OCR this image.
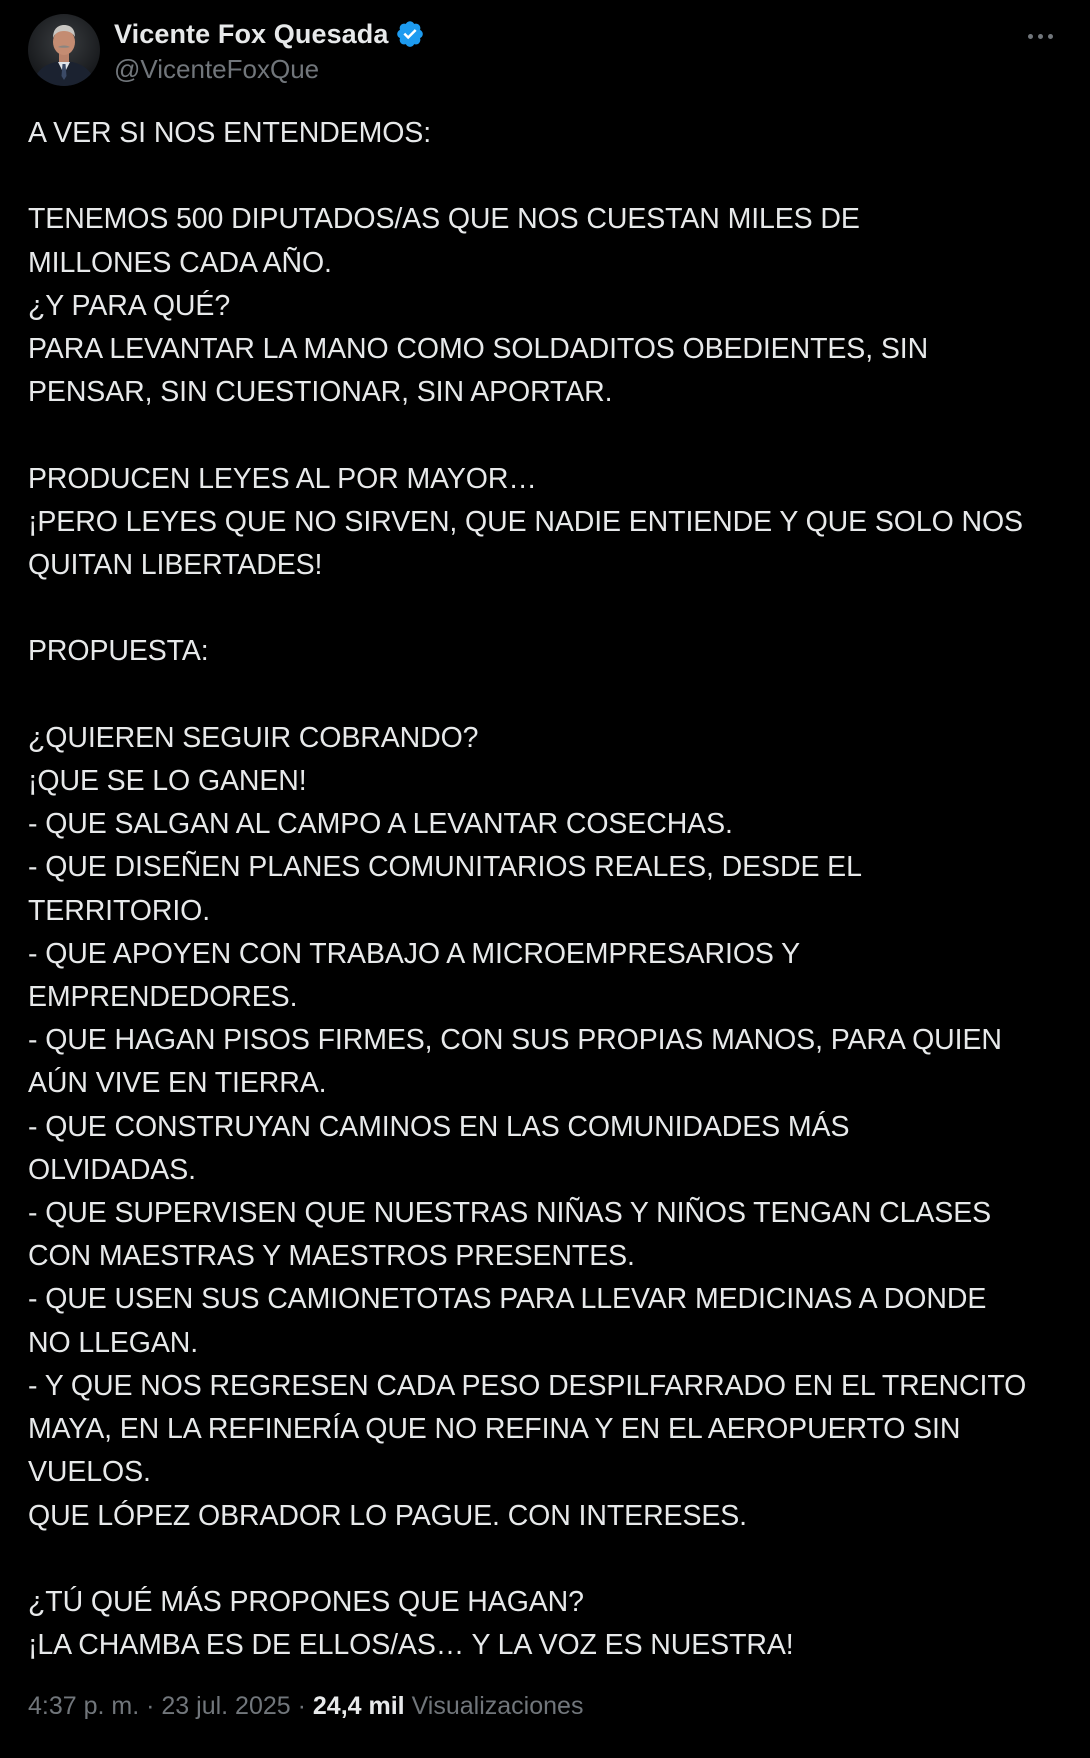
Vicente Fox Quesada
@VicenteFoxQue
A VER SI NOS ENTENDEMOS:

TENEMOS 500 DIPUTADOS/AS QUE NOS CUESTAN MILES DE
MILLONES CADA AÑO.
¿Y PARA QUÉ?
PARA LEVANTAR LA MANO COMO SOLDADITOS OBEDIENTES, SIN
PENSAR, SIN CUESTIONAR, SIN APORTAR.

PRODUCEN LEYES AL POR MAYOR…
¡PERO LEYES QUE NO SIRVEN, QUE NADIE ENTIENDE Y QUE SOLO NOS
QUITAN LIBERTADES!

PROPUESTA:

¿QUIEREN SEGUIR COBRANDO?
¡QUE SE LO GANEN!
- QUE SALGAN AL CAMPO A LEVANTAR COSECHAS.
- QUE DISEÑEN PLANES COMUNITARIOS REALES, DESDE EL
TERRITORIO.
- QUE APOYEN CON TRABAJO A MICROEMPRESARIOS Y
EMPRENDEDORES.
- QUE HAGAN PISOS FIRMES, CON SUS PROPIAS MANOS, PARA QUIEN
AÚN VIVE EN TIERRA.
- QUE CONSTRUYAN CAMINOS EN LAS COMUNIDADES MÁS
OLVIDADAS.
- QUE SUPERVISEN QUE NUESTRAS NIÑAS Y NIÑOS TENGAN CLASES
CON MAESTRAS Y MAESTROS PRESENTES.
- QUE USEN SUS CAMIONETOTAS PARA LLEVAR MEDICINAS A DONDE
NO LLEGAN.
- Y QUE NOS REGRESEN CADA PESO DESPILFARRADO EN EL TRENCITO
MAYA, EN LA REFINERÍA QUE NO REFINA Y EN EL AEROPUERTO SIN
VUELOS.
QUE LÓPEZ OBRADOR LO PAGUE. CON INTERESES.

¿TÚ QUÉ MÁS PROPONES QUE HAGAN?
¡LA CHAMBA ES DE ELLOS/AS… Y LA VOZ ES NUESTRA!
4:37 p. m. · 23 jul. 2025 · 24,4 mil Visualizaciones
